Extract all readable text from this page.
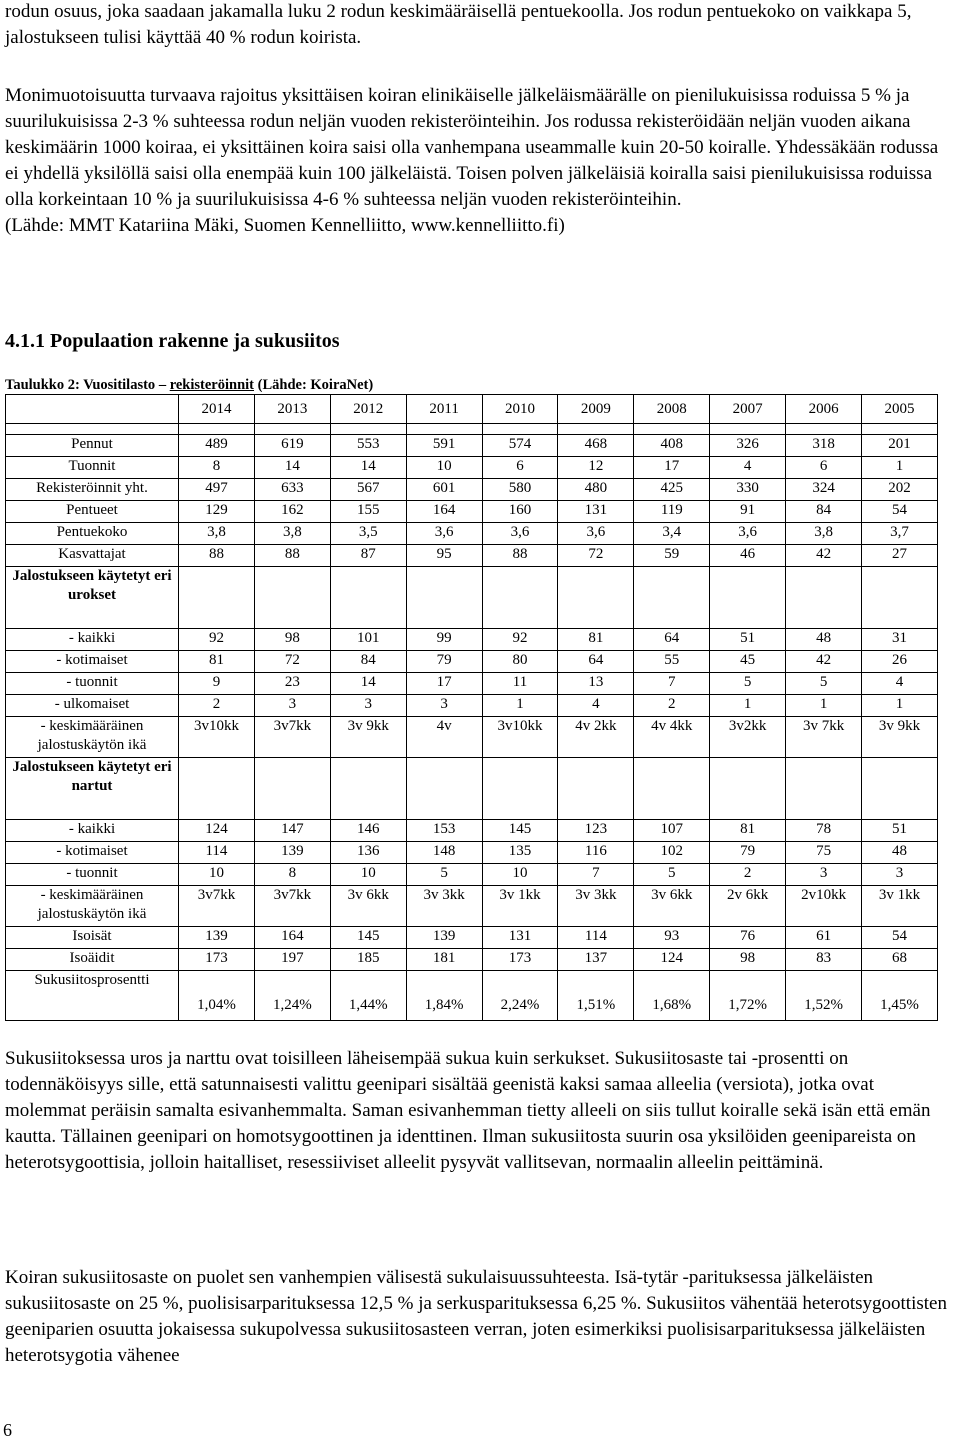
rodun osuus, joka saadaan jakamalla luku 2 rodun keskimääräisellä pentuekoolla. Jos rodun pentuekoko on vaikkapa 5, jalostukseen tulisi käyttää 40 % rodun koirista.

Monimuotoisuutta turvaava rajoitus yksittäisen koiran elinikäiselle jälkeläismäärälle on pienilukuisissa roduissa 5 % ja suurilukuisissa 2-3 % suhteessa rodun neljän vuoden rekisteröinteihin. Jos rodussa rekisteröidään neljän vuoden aikana keskimäärin 1000 koiraa, ei yksittäinen koira saisi olla vanhempana useammalle kuin 20-50 koiralle. Yhdessäkään rodussa ei yhdellä yksilöllä saisi olla enempää kuin 100 jälkeläistä. Toisen polven jälkeläisiä koiralla saisi pienilukuisissa roduissa olla korkeintaan 10 % ja suurilukuisissa 4-6 % suhteessa neljän vuoden rekisteröinteihin.
(Lähde: MMT Katariina Mäki, Suomen Kennelliitto, www.kennelliitto.fi)
4.1.1 Populaation rakenne ja sukusiitos
Taulukko 2: Vuositilasto – rekisteröinnit (Lähde: KoiraNet)
	2014	2013	2012	2011	2010	2009	2008	2007	2006	2005

Pennut	489	619	553	591	574	468	408	326	318	201
Tuonnit	8	14	14	10	6	12	17	4	6	1
Rekisteröinnit yht.	497	633	567	601	580	480	425	330	324	202
Pentueet	129	162	155	164	160	131	119	91	84	54
Pentuekoko	3,8	3,8	3,5	3,6	3,6	3,6	3,4	3,6	3,8	3,7
Kasvattajat	88	88	87	95	88	72	59	46	42	27
Jalostukseen käytetyt eri urokset										
- kaikki	92	98	101	99	92	81	64	51	48	31
- kotimaiset	81	72	84	79	80	64	55	45	42	26
- tuonnit	9	23	14	17	11	13	7	5	5	4
- ulkomaiset	2	3	3	3	1	4	2	1	1	1
- keskimääräinen jalostuskäytön ikä	3v10kk	3v7kk	3v 9kk	4v	3v10kk	4v 2kk	4v 4kk	3v2kk	3v 7kk	3v 9kk
Jalostukseen käytetyt eri nartut										
- kaikki	124	147	146	153	145	123	107	81	78	51
- kotimaiset	114	139	136	148	135	116	102	79	75	48
- tuonnit	10	8	10	5	10	7	5	2	3	3
- keskimääräinen jalostuskäytön ikä	3v7kk	3v7kk	3v 6kk	3v 3kk	3v 1kk	3v 3kk	3v 6kk	2v 6kk	2v10kk	3v 1kk
Isoisät	139	164	145	139	131	114	93	76	61	54
Isoäidit	173	197	185	181	173	137	124	98	83	68
Sukusiitosprosentti	1,04%	1,24%	1,44%	1,84%	2,24%	1,51%	1,68%	1,72%	1,52%	1,45%

Sukusiitoksessa uros ja narttu ovat toisilleen läheisempää sukua kuin serkukset. Sukusiitosaste tai -prosentti on todennäköisyys sille, että satunnaisesti valittu geenipari sisältää geenistä kaksi samaa alleelia (versiota), jotka ovat molemmat peräisin samalta esivanhemmalta. Saman esivanhemman tietty alleeli on siis tullut koiralle sekä isän että emän kautta. Tällainen geenipari on homotsygoottinen ja identtinen. Ilman sukusiitosta suurin osa yksilöiden geenipareista on heterotsygoottisia, jolloin haitalliset, resessiiviset alleelit pysyvät vallitsevan, normaalin alleelin peittäminä.

Koiran sukusiitosaste on puolet sen vanhempien välisestä sukulaisuussuhteesta. Isä-tytär -parituksessa jälkeläisten sukusiitosaste on 25 %, puolisisarparituksessa 12,5 % ja serkusparituksessa 6,25 %. Sukusiitos vähentää heterotsygoottisten geeniparien osuutta jokaisessa sukupolvessa sukusiitosasteen verran, joten esimerkiksi puolisisarparituksessa jälkeläisten heterotsygotia vähenee

6
